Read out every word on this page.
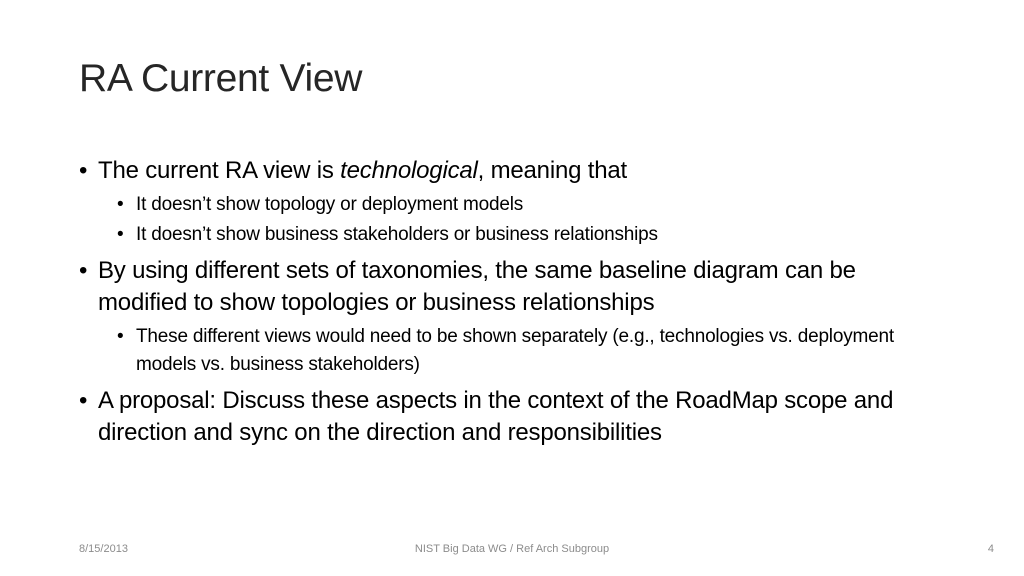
RA Current View
• The current RA view is technological, meaning that
• It doesn’t show topology or deployment models
• It doesn’t show business stakeholders or business relationships
• By using different sets of taxonomies, the same baseline diagram can be modified to show topologies or business relationships
• These different views would need to be shown separately (e.g., technologies vs. deployment models vs. business stakeholders)
• A proposal: Discuss these aspects in the context of the RoadMap scope and direction and sync on the direction and responsibilities
8/15/2013	NIST Big Data WG / Ref Arch Subgroup	4
